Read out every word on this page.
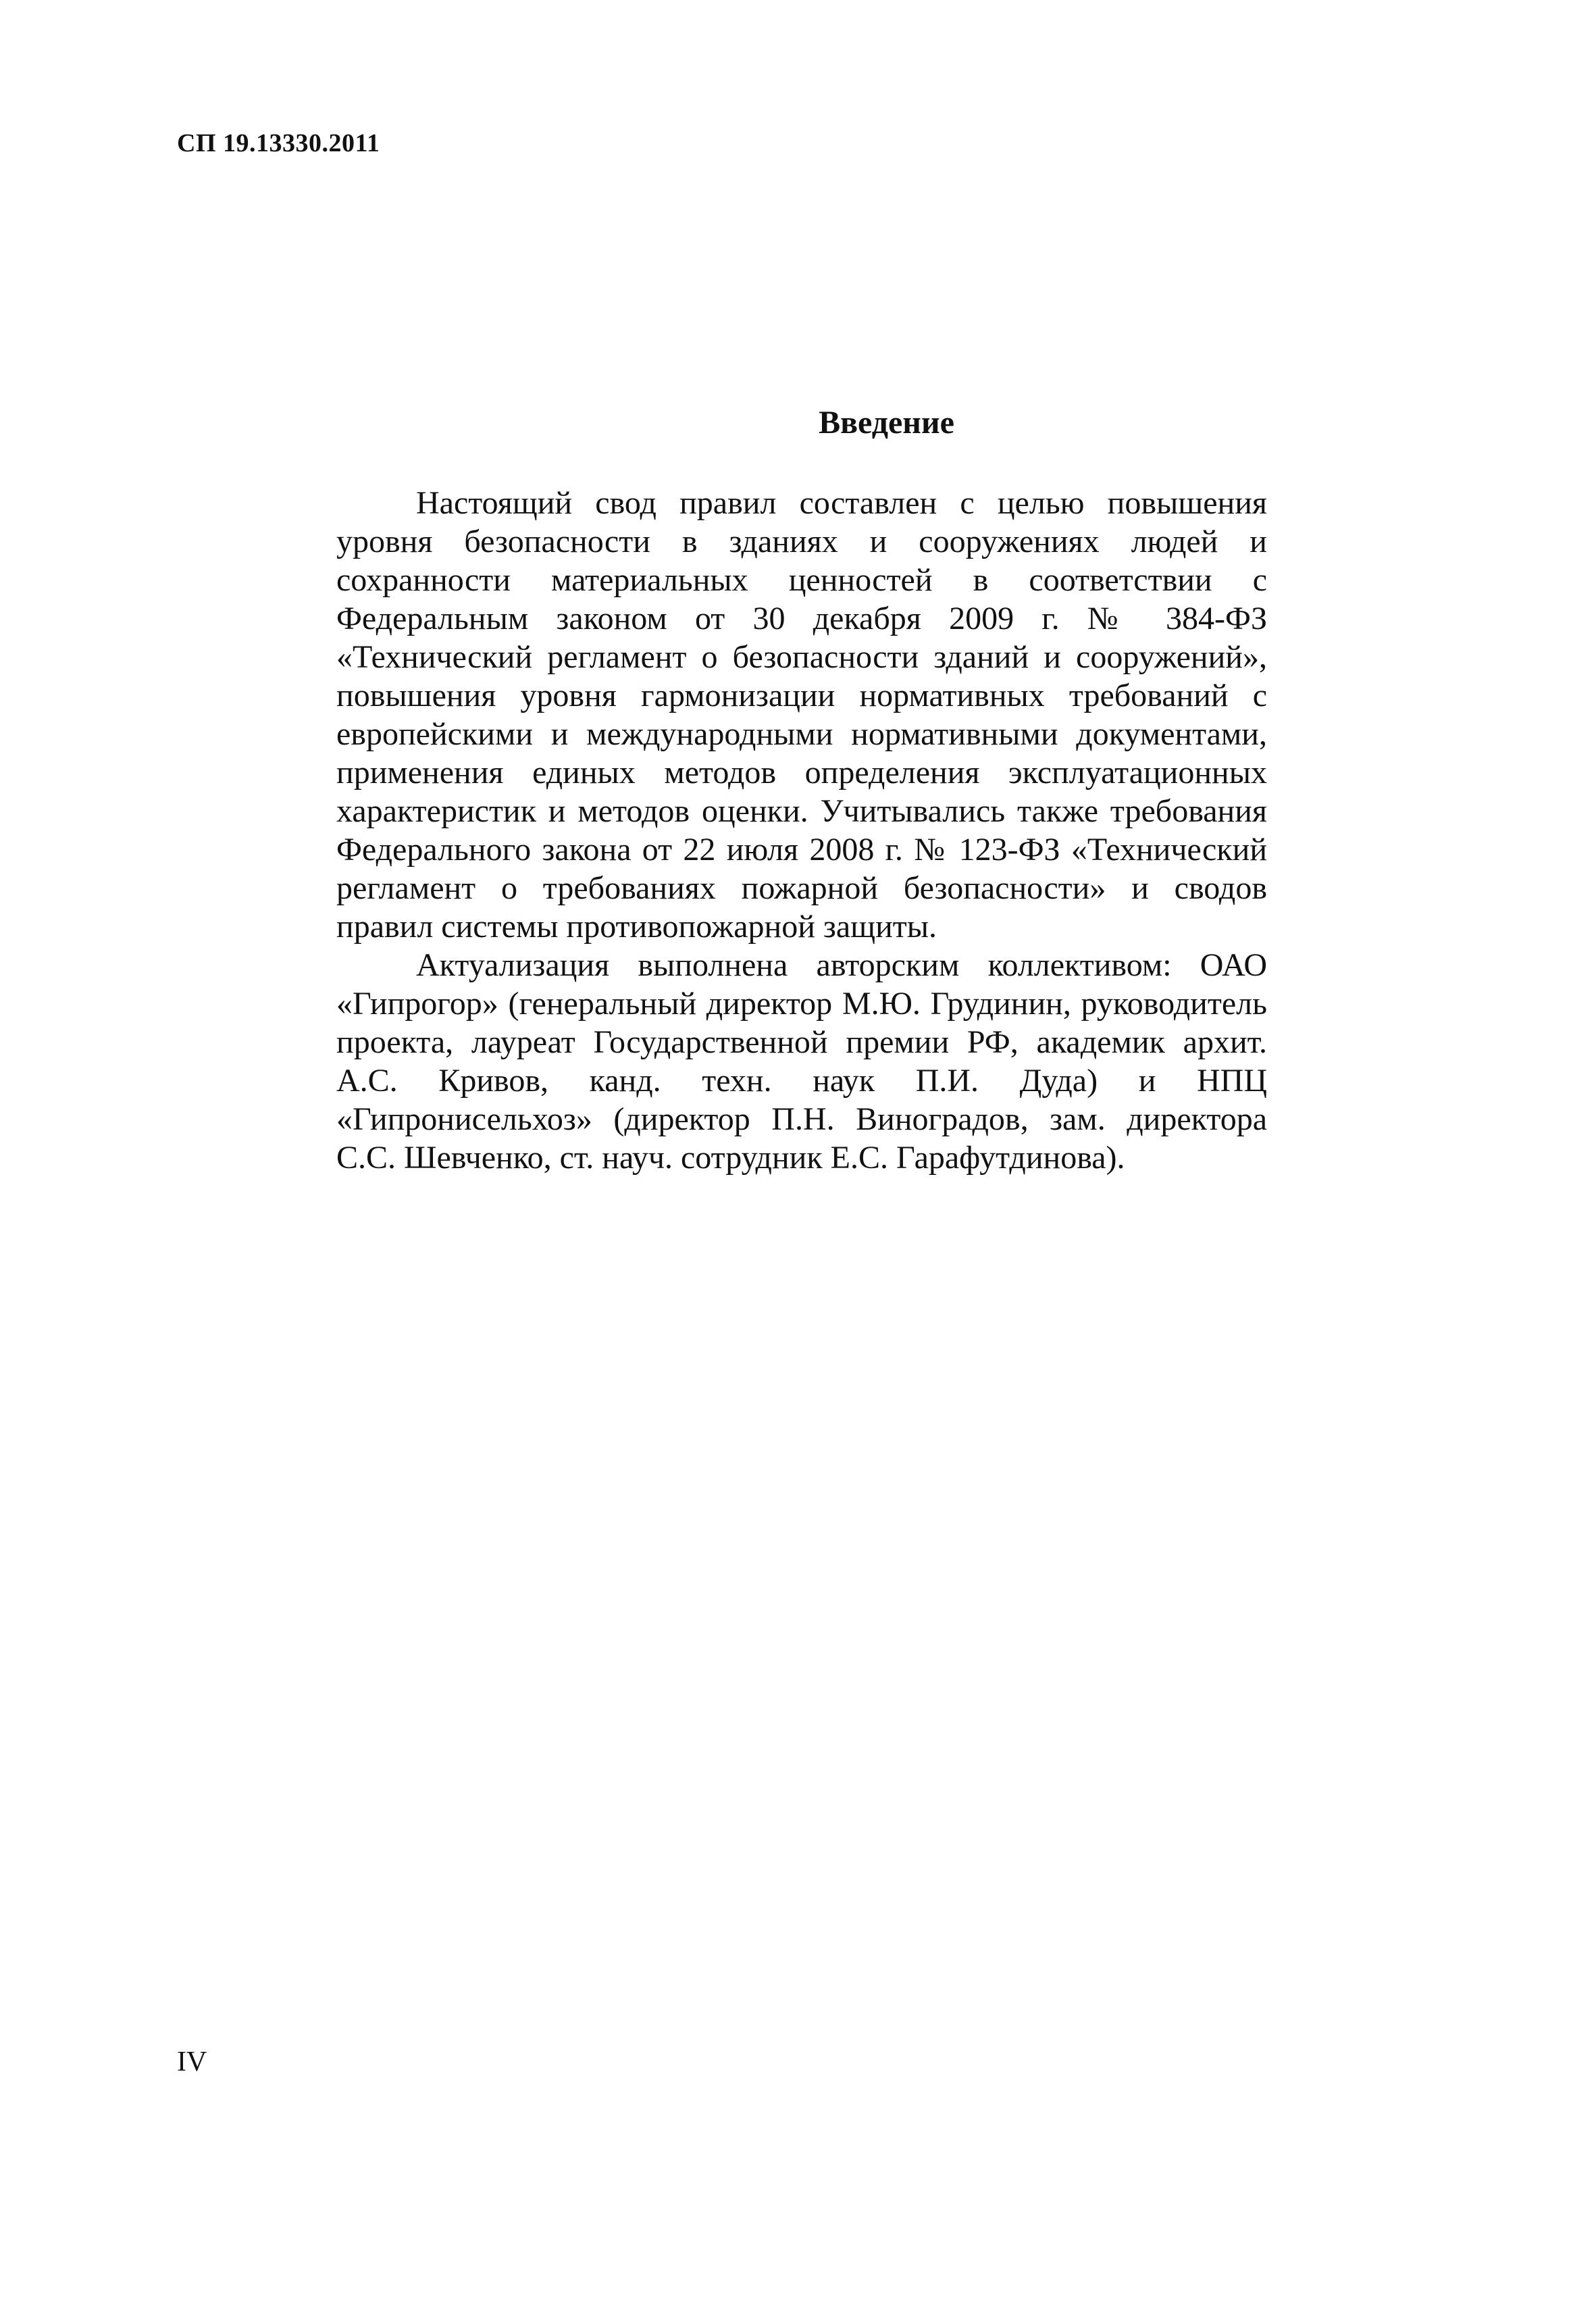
СП 19.13330.2011
Введение

Настоящий свод правил составлен с целью повышения уровня безопасности в зданиях и сооружениях людей и сохранности материальных ценностей в соответствии с Федеральным законом от 30 декабря 2009 г. № 384-ФЗ «Технический регламент о безопасности зданий и сооружений», повышения уровня гармонизации нормативных требований с европейскими и международными нормативными документами, применения единых методов определения эксплуатационных характеристик и методов оценки. Учитывались также требования Федерального закона от 22 июля 2008 г. № 123-ФЗ «Технический регламент о требованиях пожарной безопасности» и сводов правил системы противопожарной защиты.

Актуализация выполнена авторским коллективом: ОАО «Гипрогор» (генеральный директор М.Ю. Грудинин, руководитель проекта, лауреат Государственной премии РФ, академик архит. А.С. Кривов, канд. техн. наук П.И. Дуда) и НПЦ «Гипронисельхоз» (директор П.Н. Виноградов, зам. директора С.С. Шевченко, ст. науч. сотрудник Е.С. Гарафутдинова).

IV
